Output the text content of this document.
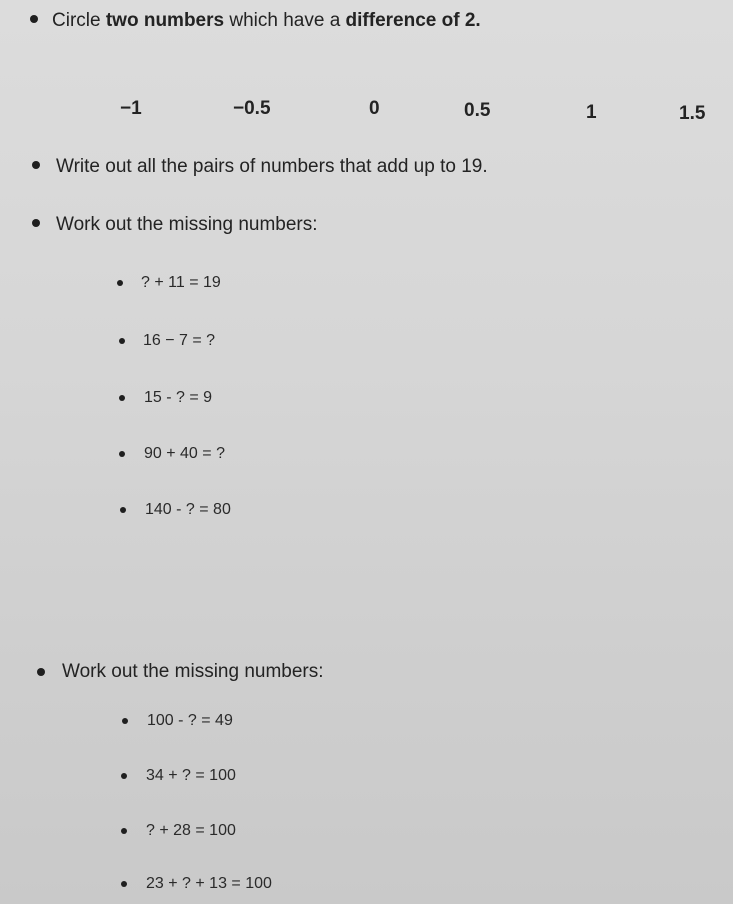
Circle two numbers which have a difference of 2.
−1	−0.5	0	0.5	1	1.5
Write out all the pairs of numbers that add up to 19.
Work out the missing numbers:
? + 11 = 19
16 − 7 = ?
15 - ? = 9
90 + 40 = ?
140 - ? = 80
Work out the missing numbers:
100 - ? = 49
34 + ? = 100
? + 28 = 100
23 + ? + 13 = 100
